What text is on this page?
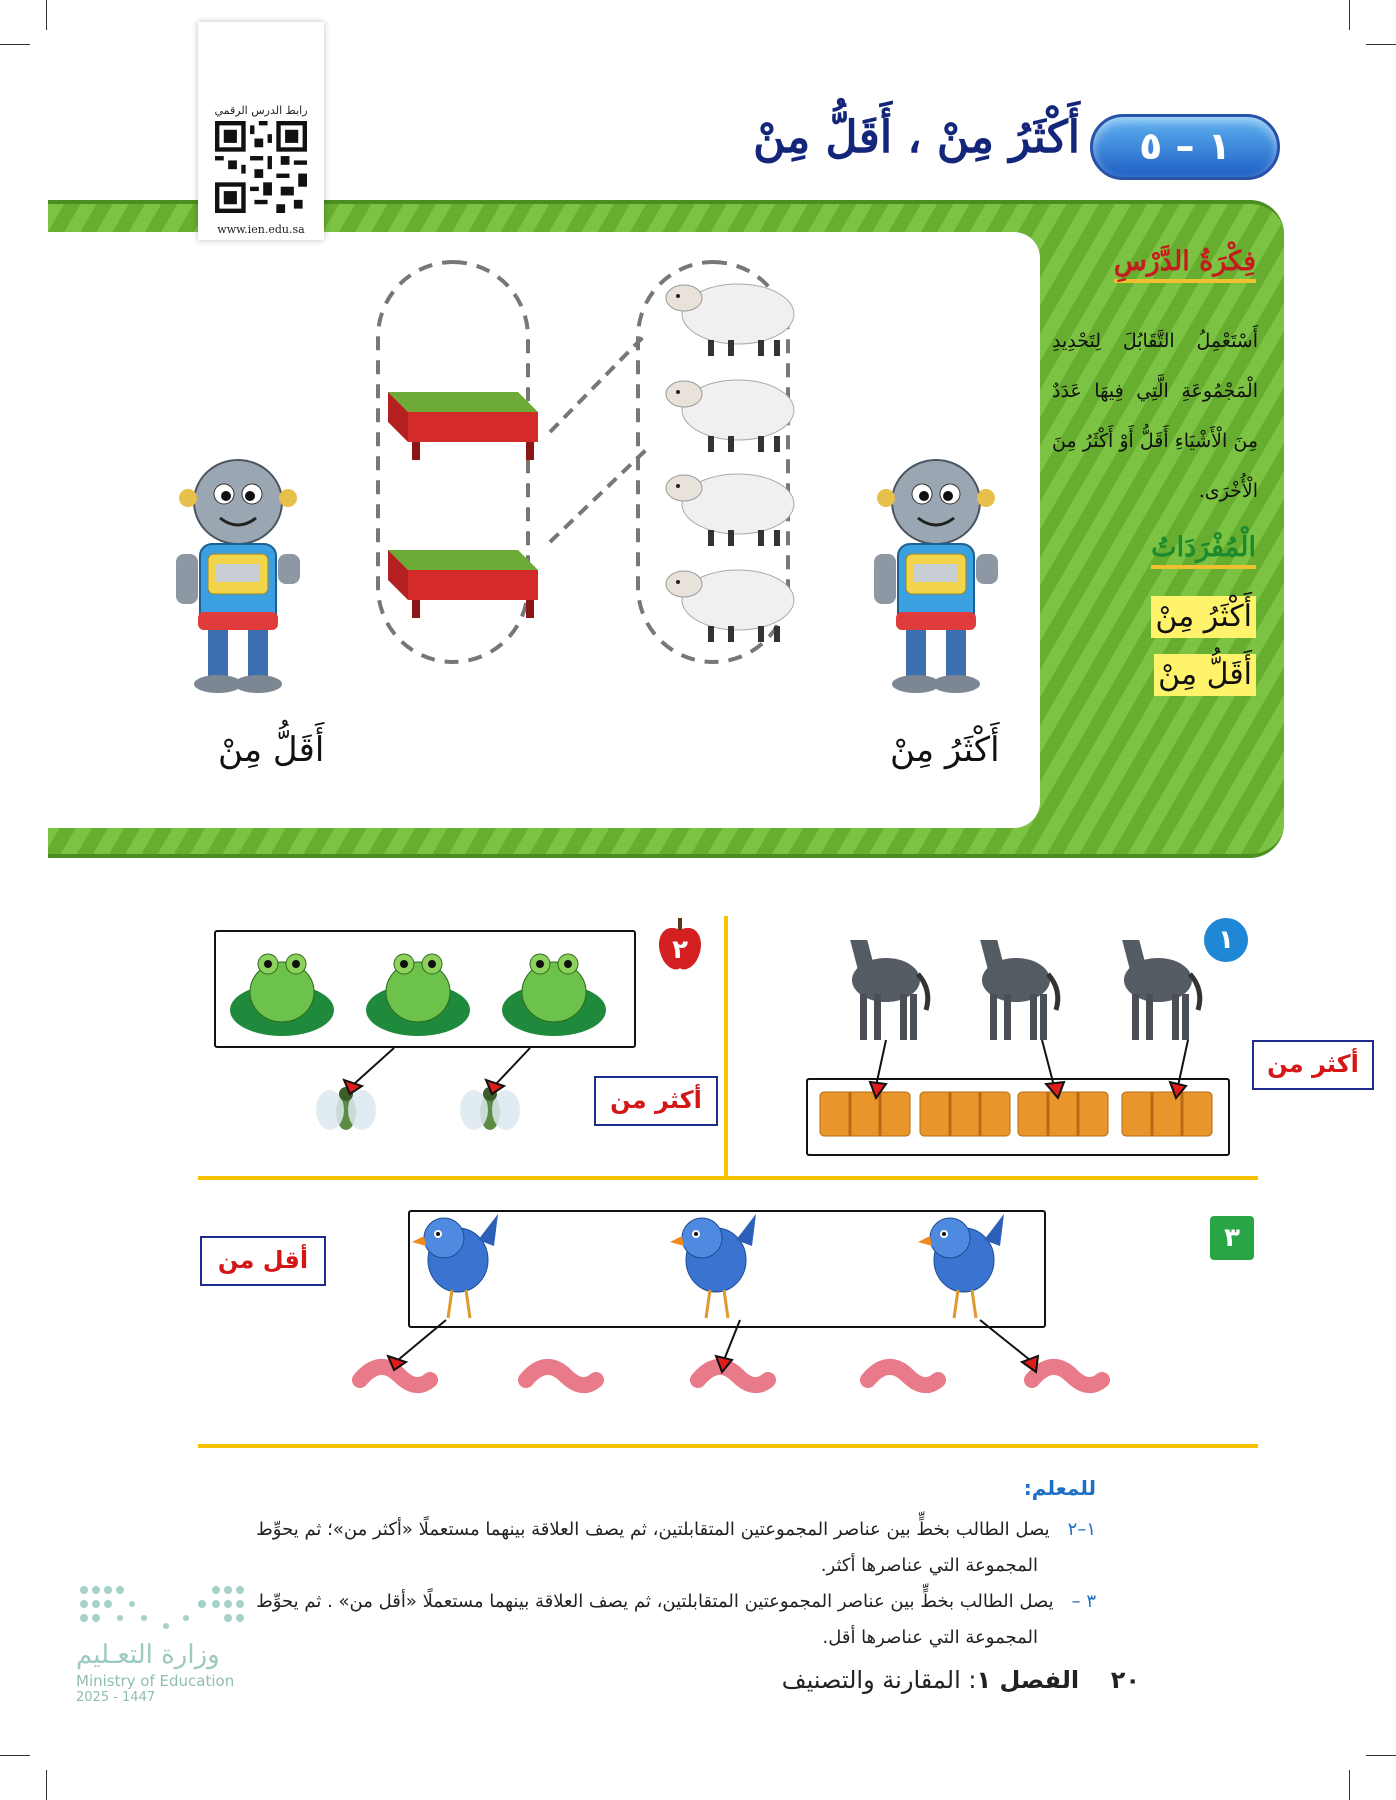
رابط الدرس الرقمي
www.ien.edu.sa
١ – ٥
أَكْثَرُ مِنْ ، أَقَلُّ مِنْ
فِكْرَةُ الدَّرْسِ
أَسْتَعْمِلُ التَّقَابُلَ لِتَحْدِيدِ الْمَجْمُوعَةِ الَّتِي فِيهَا عَدَدٌ مِنَ الْأَشْيَاءِ أَقَلُّ أَوْ أَكْثَرُ مِنَ الْأُخْرَى.
الْمُفْرَدَاتُ
أَكْثَرُ مِنْ
أَقَلُّ مِنْ
أَقَلُّ مِنْ	أَكْثَرُ مِنْ
١
أكثر من
٢
أكثر من
٣
أقل من
للمعلم:
١–٢يصل الطالب بخطٍّ بين عناصر المجموعتين المتقابلتين، ثم يصف العلاقة بينهما مستعملًا «أكثر من»؛ ثم يحوِّط
المجموعة التي عناصرها أكثر.
٣ –يصل الطالب بخطٍّ بين عناصر المجموعتين المتقابلتين، ثم يصف العلاقة بينهما مستعملًا «أقل من» . ثم يحوِّط
المجموعة التي عناصرها أقل.
٢٠ الفصل ١: المقارنة والتصنيف
وزارة التعـليم
Ministry of Education
2025 - 1447
